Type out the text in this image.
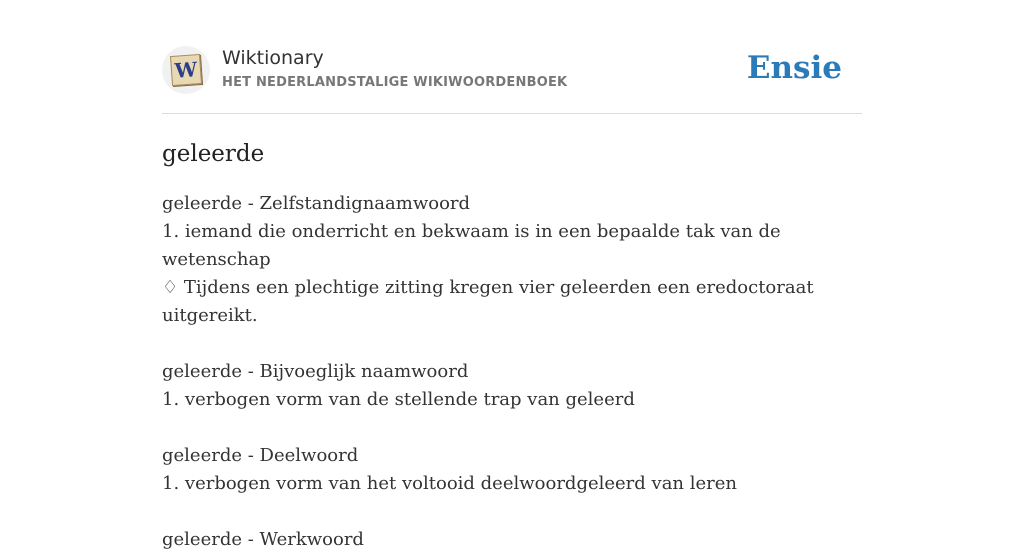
W Wiktionary
HET NEDERLANDSTALIGE WIKIWOORDENBOEK	Ensie
geleerde

geleerde - Zelfstandignaamwoord

1. iemand die onderricht en bekwaam is in een bepaalde tak van de wetenschap

♢ Tijdens een plechtige zitting kregen vier geleerden een eredoctoraat uitgereikt.

geleerde - Bijvoeglijk naamwoord

1. verbogen vorm van de stellende trap van geleerd

geleerde - Deelwoord

1. verbogen vorm van het voltooid deelwoordgeleerd van leren

geleerde - Werkwoord
